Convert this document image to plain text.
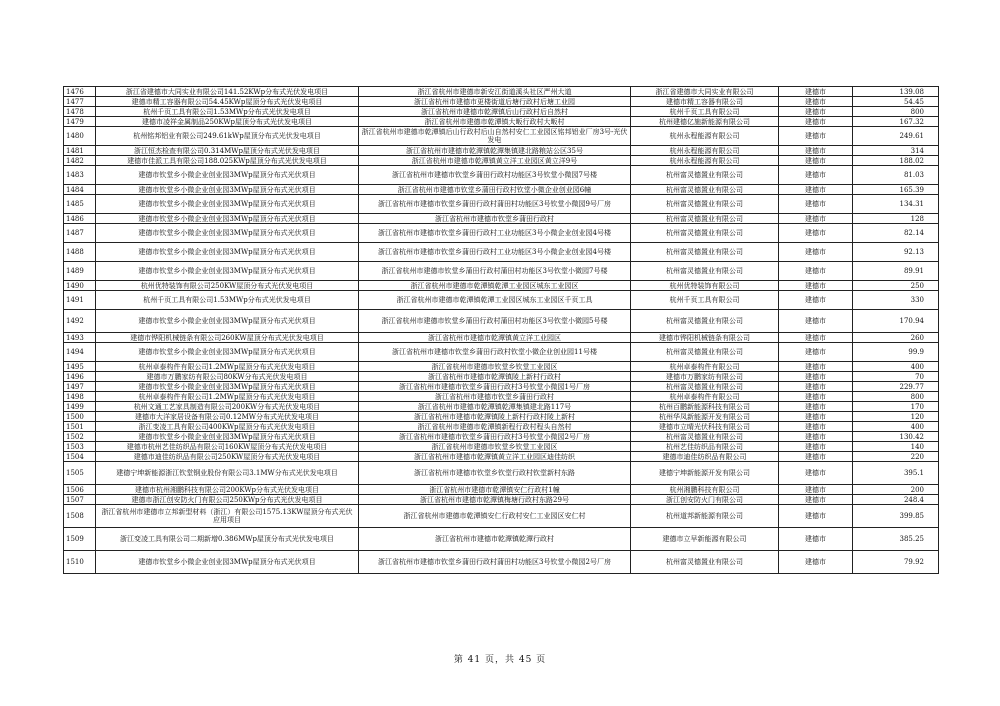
1476	浙江省建德市大同实业有限公司141.52KWp分布式光伏发电项目	浙江省杭州市建德市新安江街道溪头社区严州大道	浙江省建德市大同实业有限公司	建德市	139.08
1477	建德市精工容器有限公司54.45KWp屋顶分布式光伏发电项目	浙江省杭州市建德市更楼街道后塘行政村后塘工业园	建德市精工容器有限公司	建德市	54.45
1478	杭州千页工具有限公司1.53MWp分布式光伏发电项目	浙江省杭州市建德市乾潭镇后山行政村后自然村	杭州千页工具有限公司	建德市	800
1479	建德市凌祥金属制品250KWp屋顶分布式光伏发电项目	浙江省杭州市建德市乾潭镇大畈行政村大畈村	杭州建德亿施新能源有限公司	建德市	167.32
1480	杭州铭邦铝业有限公司249.61kWp屋顶分布式光伏发电项目	浙江省杭州市建德市乾潭镇后山行政村后山自然村安仁工业园区铭邦铝业厂房3号-光伏发电	杭州永程能源有限公司	建德市	249.61
1481	浙江恒杰检查有限公司0.314MWp屋顶分布式光伏发电项目	浙江省杭州市建德市乾潭镇乾潭集镇建北路粮站公区35号	杭州永程能源有限公司	建德市	314
1482	建德市佳派工具有限公司188.025KWp屋顶分布式光伏发电项目	浙江省杭州市建德市乾潭镇黄立洋工业园区黄立洋9号	杭州永程能源有限公司	建德市	188.02
1483	建德市钦堂乡小微企业创业园3MWp屋顶分布式光伏项目	浙江省杭州市建德市钦堂乡蒲田行政村功能区3号钦堂小微园7号楼	杭州富灵德置业有限公司	建德市	81.03
1484	建德市钦堂乡小微企业创业园3MWp屋顶分布式光伏项目	浙江省杭州市建德市钦堂乡蒲田行政村钦堂小微企业创业园6幢	杭州富灵德置业有限公司	建德市	165.39
1485	建德市钦堂乡小微企业创业园3MWp屋顶分布式光伏项目	浙江省杭州市建德市钦堂乡蒲田行政村蒲田村功能区3号钦堂小微园9号厂房	杭州富灵德置业有限公司	建德市	134.31
1486	建德市钦堂乡小微企业创业园3MWp屋顶分布式光伏项目	浙江省杭州市建德市钦堂乡蒲田行政村	杭州富灵德置业有限公司	建德市	128
1487	建德市钦堂乡小微企业创业园3MWp屋顶分布式光伏项目	浙江省杭州市建德市钦堂乡蒲田行政村工业功能区3号小微企业创业园4号楼	杭州富灵德置业有限公司	建德市	82.14
1488	建德市钦堂乡小微企业创业园3MWp屋顶分布式光伏项目	浙江省杭州市建德市钦堂乡蒲田行政村工业功能区3号小微企业创业园4号楼	杭州富灵德置业有限公司	建德市	92.13
1489	建德市钦堂乡小微企业创业园3MWp屋顶分布式光伏项目	浙江省杭州市建德市钦堂乡蒲田行政村蒲田村功能区3号钦堂小微园7号楼	杭州富灵德置业有限公司	建德市	89.91
1490	杭州优特装饰有限公司250KW屋顶分布式光伏发电项目	浙江省杭州市建德市乾潭镇乾潭工业园区城东工业园区	杭州优特装饰有限公司	建德市	250
1491	杭州千页工具有限公司1.53MWp分布式光伏发电项目	浙江省杭州市建德市乾潭镇乾潭工业园区城东工业园区千页工具	杭州千页工具有限公司	建德市	330
1492	建德市钦堂乡小微企业创业园3MWp屋顶分布式光伏项目	浙江省杭州市建德市钦堂乡蒲田行政村蒲田村功能区3号钦堂小微园5号楼	杭州富灵德置业有限公司	建德市	170.94
1493	建德市铧阳机械链条有限公司260KW屋顶分布式光伏发电项目	浙江省杭州市建德市乾潭镇黄立洋工业园区	建德市铧阳机械链条有限公司	建德市	260
1494	建德市钦堂乡小微企业创业园3MWp屋顶分布式光伏项目	浙江省杭州市建德市钦堂乡蒲田行政村钦堂小微企业创业园11号楼	杭州富灵德置业有限公司	建德市	99.9
1495	杭州卓泰构件有限公司1.2MWp屋顶分布式光伏发电项目	浙江省杭州市建德市钦堂乡钦堂工业园区	杭州卓泰构件有限公司	建德市	400
1496	建德市万鹏家纺有限公司80KW分布式光伏发电项目	浙江省杭州市建德市乾潭镇陵上新村行政村	建德市万鹏家纺有限公司	建德市	70
1497	建德市钦堂乡小微企业创业园3MWp屋顶分布式光伏项目	浙江省杭州市建德市钦堂乡蒲田行政村3号钦堂小微园1号厂房	杭州富灵德置业有限公司	建德市	229.77
1498	杭州卓泰构件有限公司1.2MWp屋顶分布式光伏发电项目	浙江省杭州市建德市钦堂乡蒲田行政村	杭州卓泰构件有限公司	建德市	800
1499	杭州文通工艺家具制造有限公司200KW分布式光伏发电项目	浙江省杭州市建德市乾潭镇乾潭集镇建北路117号	杭州百鹏新能源科技有限公司	建德市	170
1500	建德市大洋家居设备有限公司0.12MW分布式光伏发电项目	浙江省杭州市建德市乾潭镇陵上新村行政村陵上新村	杭州华凤新能源开发有限公司	建德市	120
1501	浙江变凌工具有限公司400KWp屋顶分布式光伏发电项目	浙江省杭州市建德市乾潭镇新程行政村程头自然村	建德市立晴光伏科技有限公司	建德市	400
1502	建德市钦堂乡小微企业创业园3MWp屋顶分布式光伏项目	浙江省杭州市建德市钦堂乡蒲田行政村3号钦堂小微园2号厂房	杭州富灵德置业有限公司	建德市	130.42
1503	建德市杭州艺佳纺织品有限公司160KW屋顶分布式光伏发电项目	浙江省杭州市建德市钦堂乡钦堂工业园区	杭州艺佳纺织品有限公司	建德市	140
1504	建德市迪佳纺织品有限公司250KW屋顶分布式光伏发电项目	浙江省杭州市建德市乾潭镇黄立洋工业园区迪佳纺织	建德市迪佳纺织品有限公司	建德市	220
1505	建德宁坤新能源浙江钦堂钢业股份有限公司3.1MW分布式光伏发电项目	浙江省杭州市建德市钦堂乡钦堂行政村钦堂新村东路	建德宁坤新能源开发有限公司	建德市	395.1
1506	建德市杭州湘鹏科技有限公司200KWp分布式光伏发电项目	浙江省杭州市建德市乾潭镇安仁行政村1幢	杭州湘鹏科技有限公司	建德市	200
1507	建德市浙江创安防火门有限公司250KWp分布式光伏发电项目	浙江省杭州市建德市乾潭镇梅塘行政村东路29号	浙江创安防火门有限公司	建德市	248.4
1508	浙江省杭州市建德市立邦新型材料（浙江）有限公司1575.13KW屋顶分布式光伏应用项目	浙江省杭州市建德市乾潭镇安仁行政村安仁工业园区安仁村	杭州道邦新能源有限公司	建德市	399.85
1509	浙江变凌工具有限公司二期新增0.386MWp屋顶分布式光伏发电项目	浙江省杭州市建德市乾潭镇乾潭行政村	建德市立早新能源有限公司	建德市	385.25
1510	建德市钦堂乡小微企业创业园3MWp屋顶分布式光伏项目	浙江省杭州市建德市钦堂乡蒲田行政村蒲田村功能区3号钦堂小微园2号厂房	杭州富灵德置业有限公司	建德市	79.92
第 41 页，共 45 页
